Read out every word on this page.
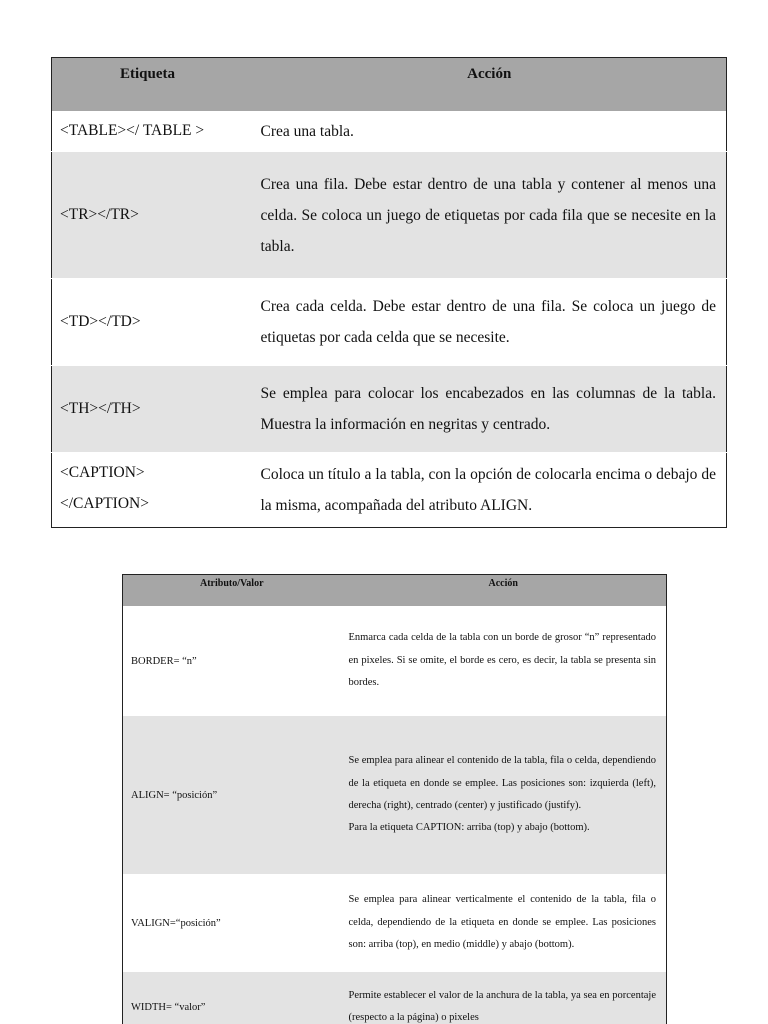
Etiqueta	Acción
<TABLE></ TABLE >	Crea una tabla.
<TR></TR>	Crea una fila. Debe estar dentro de una tabla y contener al menos una celda. Se coloca un juego de etiquetas por cada fila que se necesite en la tabla.
<TD></TD>	Crea cada celda. Debe estar dentro de una fila. Se coloca un juego de etiquetas por cada celda que se necesite.
<TH></TH>	Se emplea para colocar los encabezados en las columnas de la tabla. Muestra la información en negritas y centrado.

<CAPTION>
</CAPTION>	Coloca un título a la tabla, con la opción de colocarla encima o debajo de la misma, acompañada del atributo ALIGN.
Atributo/Valor	Acción
BORDER= “n”	Enmarca cada celda de la tabla con un borde de grosor “n” representado en pixeles. Si se omite, el borde es cero, es decir, la tabla se presenta sin bordes.
ALIGN= “posición”	Se emplea para alinear el contenido de la tabla, fila o celda, dependiendo de la etiqueta en donde se emplee. Las posiciones son: izquierda (left), derecha (right), centrado (center) y justificado (justify).
Para la etiqueta CAPTION: arriba (top) y abajo (bottom).

VALIGN=“posición”	Se emplea para alinear verticalmente el contenido de la tabla, fila o celda, dependiendo de la etiqueta en donde se emplee. Las posiciones son: arriba (top), en medio (middle) y abajo (bottom).
WIDTH= “valor”	Permite establecer el valor de la anchura de la tabla, ya sea en porcentaje (respecto a la página) o pixeles
